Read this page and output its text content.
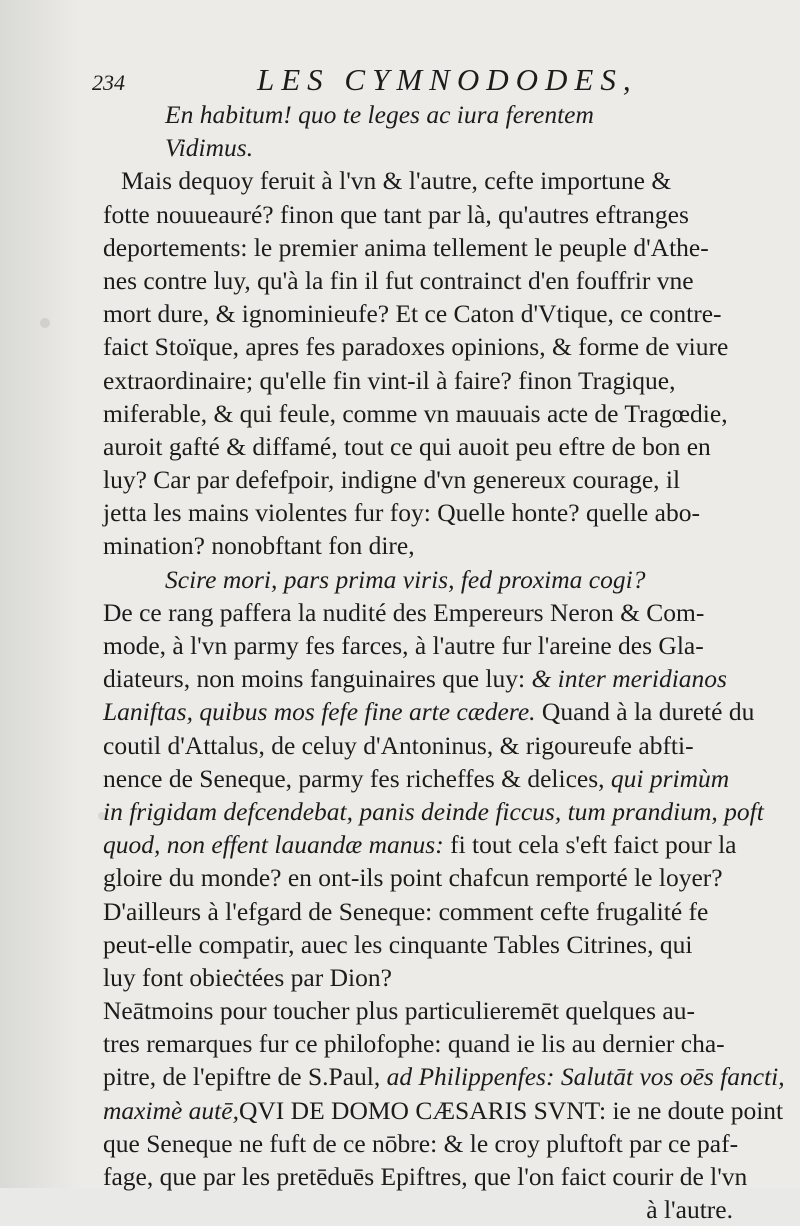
234	LES CYMNODODES,
En habitum! quo te leges ac iura ferentem
Vidimus.
Mais dequoy feruit à l'vn & l'autre, cefte importune &
fotte nouueauré? finon que tant par là, qu'autres eftranges
deportements: le premier anima tellement le peuple d'Athe-
nes contre luy, qu'à la fin il fut contrainct d'en fouffrir vne
mort dure, & ignominieufe? Et ce Caton d'Vtique, ce contre-
faict Stoïque, apres fes paradoxes opinions, & forme de viure
extraordinaire; qu'elle fin vint-il à faire? finon Tragique,
miferable, & qui feule, comme vn mauuais acte de Tragœdie,
auroit gafté & diffamé, tout ce qui auoit peu eftre de bon en
luy? Car par defefpoir, indigne d'vn genereux courage, il
jetta les mains violentes fur foy: Quelle honte? quelle abo-
mination? nonobftant fon dire,
Scire mori, pars prima viris, fed proxima cogi?
De ce rang paffera la nudité des Empereurs Neron & Com-
mode, à l'vn parmy fes farces, à l'autre fur l'areine des Gla-
diateurs, non moins fanguinaires que luy: & inter meridianos
Laniftas, quibus mos fefe fine arte cædere. Quand à la dureté du
coutil d'Attalus, de celuy d'Antoninus, & rigoureufe abfti-
nence de Seneque, parmy fes richeffes & delices, qui primùm
in frigidam defcendebat, panis deinde ficcus, tum prandium, poft
quod, non effent lauandæ manus: fi tout cela s'eft faict pour la
gloire du monde? en ont-ils point chafcun remporté le loyer?
D'ailleurs à l'efgard de Seneque: comment cefte frugalité fe
peut-elle compatir, auec les cinquante Tables Citrines, qui
luy font obieċtées par Dion?
Neātmoins pour toucher plus particulieremēt quelques au-
tres remarques fur ce philofophe: quand ie lis au dernier cha-
pitre, de l'epiftre de S.Paul, ad Philippenfes: Salutāt vos oēs fancti,
maximè autē,QVI DE DOMO CÆSARIS SVNT: ie ne doute point
que Seneque ne fuft de ce nōbre: & le croy pluftoft par ce paf-
fage, que par les pretēduēs Epiftres, que l'on faict courir de l'vn
à l'autre.
